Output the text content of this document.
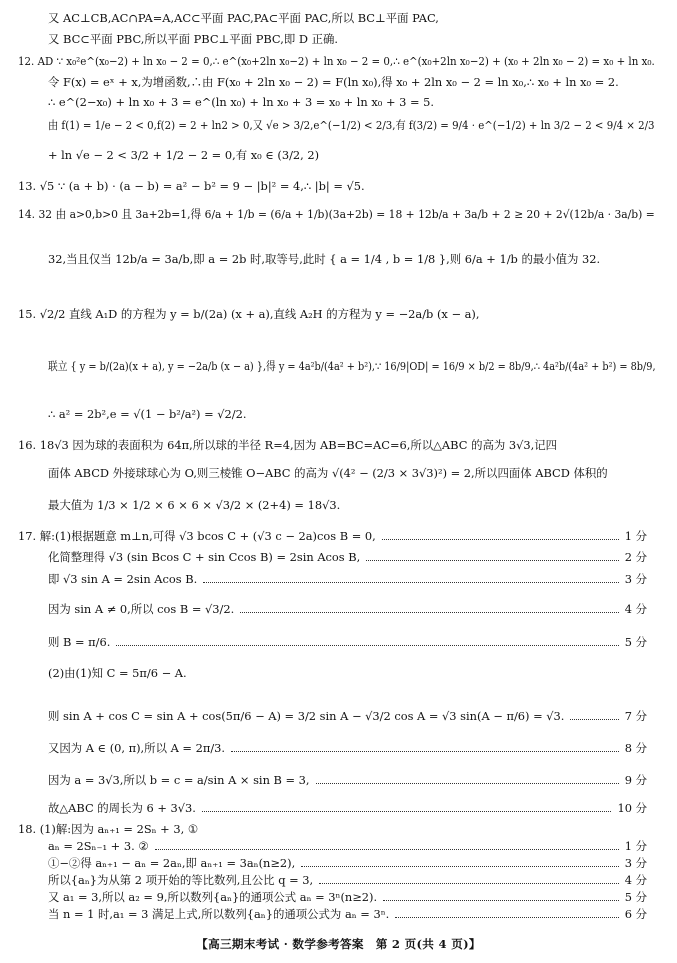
又 AC⊥CB,AC∩PA=A,AC⊂平面 PAC,PA⊂平面 PAC,所以 BC⊥平面 PAC,
又 BC⊂平面 PBC,所以平面 PBC⊥平面 PBC,即 D 正确.
12. AD ∵ x₀²e^(x₀−2) + ln x₀ − 2 = 0,∴ e^(x₀+2ln x₀−2) + ln x₀ − 2 = 0,∴ e^(x₀+2ln x₀−2) + (x₀ + 2ln x₀ − 2) = x₀ + ln x₀.
令 F(x) = eˣ + x,为增函数,∴由 F(x₀ + 2ln x₀ − 2) = F(ln x₀),得 x₀ + 2ln x₀ − 2 = ln x₀,∴ x₀ + ln x₀ = 2.
∴ e^(2−x₀) + ln x₀ + 3 = e^(ln x₀) + ln x₀ + 3 = x₀ + ln x₀ + 3 = 5.
由 f(1) = 1/e − 2 < 0,f(2) = 2 + ln2 > 0,又 √e > 3/2,e^(−1/2) < 2/3,有 f(3/2) = 9/4 · e^(−1/2) + ln 3/2 − 2 < 9/4 × 2/3
+ ln √e − 2 < 3/2 + 1/2 − 2 = 0,有 x₀ ∈ (3/2, 2)
13. √5 ∵ (a + b) · (a − b) = a² − b² = 9 − |b|² = 4,∴ |b| = √5.
14. 32 由 a>0,b>0 且 3a+2b=1,得 6/a + 1/b = (6/a + 1/b)(3a+2b) = 18 + 12b/a + 3a/b + 2 ≥ 20 + 2√(12b/a · 3a/b) =
32,当且仅当 12b/a = 3a/b,即 a = 2b 时,取等号,此时 { a = 1/4 , b = 1/8 },则 6/a + 1/b 的最小值为 32.
15. √2/2 直线 A₁D 的方程为 y = b/(2a) (x + a),直线 A₂H 的方程为 y = −2a/b (x − a),
联立 { y = b/(2a)(x + a), y = −2a/b (x − a) },得 y = 4a²b/(4a² + b²),∵ 16/9|OD| = 16/9 × b/2 = 8b/9,∴ 4a²b/(4a² + b²) = 8b/9,
∴ a² = 2b²,e = √(1 − b²/a²) = √2/2.
16. 18√3 因为球的表面积为 64π,所以球的半径 R=4,因为 AB=BC=AC=6,所以△ABC 的高为 3√3,记四
面体 ABCD 外接球球心为 O,则三棱锥 O−ABC 的高为 √(4² − (2/3 × 3√3)²) = 2,所以四面体 ABCD 体积的
最大值为 1/3 × 1/2 × 6 × 6 × √3/2 × (2+4) = 18√3.
(2)由(1)知 C = 5π/6 − A.
18. (1)解:因为 aₙ₊₁ = 2Sₙ + 3, ①
17. 解:(1)根据题意 m⊥n,可得 √3 bcos C + (√3 c − 2a)cos B = 0,	1 分
化简整理得 √3 (sin Bcos C + sin Ccos B) = 2sin Acos B,	2 分
即 √3 sin A = 2sin Acos B.	3 分
因为 sin A ≠ 0,所以 cos B = √3/2.	4 分
则 B = π/6.	5 分
则 sin A + cos C = sin A + cos(5π/6 − A) = 3/2 sin A − √3/2 cos A = √3 sin(A − π/6) = √3.	7 分
又因为 A ∈ (0, π),所以 A = 2π/3.	8 分
因为 a = 3√3,所以 b = c = a/sin A × sin B = 3,	9 分
故△ABC 的周长为 6 + 3√3.	10 分
aₙ = 2Sₙ₋₁ + 3. ②	1 分
①−②得 aₙ₊₁ − aₙ = 2aₙ,即 aₙ₊₁ = 3aₙ(n≥2),	3 分
所以{aₙ}为从第 2 项开始的等比数列,且公比 q = 3,	4 分
又 a₁ = 3,所以 a₂ = 9,所以数列{aₙ}的通项公式 aₙ = 3ⁿ(n≥2).	5 分
当 n = 1 时,a₁ = 3 满足上式,所以数列{aₙ}的通项公式为 aₙ = 3ⁿ.	6 分
【高三期末考试 · 数学参考答案　第 2 页(共 4 页)】
